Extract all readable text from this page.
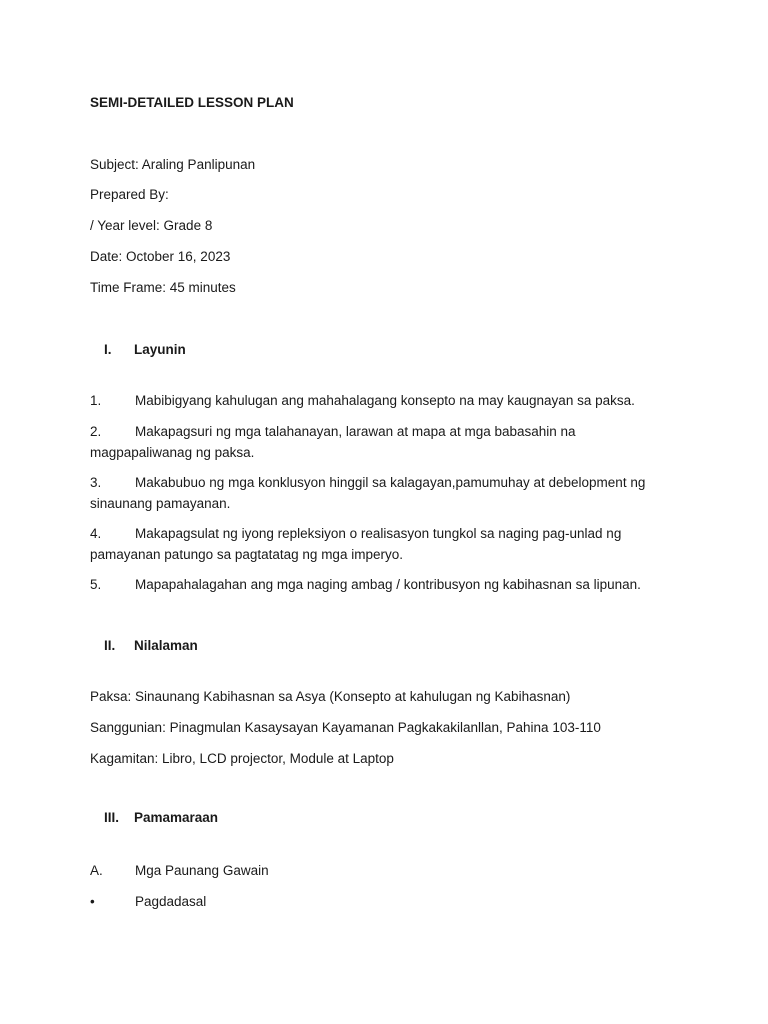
SEMI-DETAILED LESSON PLAN
Subject: Araling Panlipunan
Prepared By:
/ Year level: Grade 8
Date: October 16, 2023
Time Frame: 45 minutes
I. Layunin
1. Mabibigyang kahulugan ang mahahalagang konsepto na may kaugnayan sa paksa.
2. Makapagsuri ng mga talahanayan, larawan at mapa at mga babasahin na
magpapaliwanag ng paksa.
3. Makabubuo ng mga konklusyon hinggil sa kalagayan,pamumuhay at debelopment ng
sinaunang pamayanan.
4. Makapagsulat ng iyong repleksiyon o realisasyon tungkol sa naging pag-unlad ng
pamayanan patungo sa pagtatatag ng mga imperyo.
5. Mapapahalagahan ang mga naging ambag / kontribusyon ng kabihasnan sa lipunan.
II. Nilalaman
Paksa: Sinaunang Kabihasnan sa Asya (Konsepto at kahulugan ng Kabihasnan)
Sanggunian: Pinagmulan Kasaysayan Kayamanan Pagkakakilanllan, Pahina 103-110
Kagamitan: Libro, LCD projector, Module at Laptop
III. Pamamaraan
A. Mga Paunang Gawain
•	Pagdadasal
